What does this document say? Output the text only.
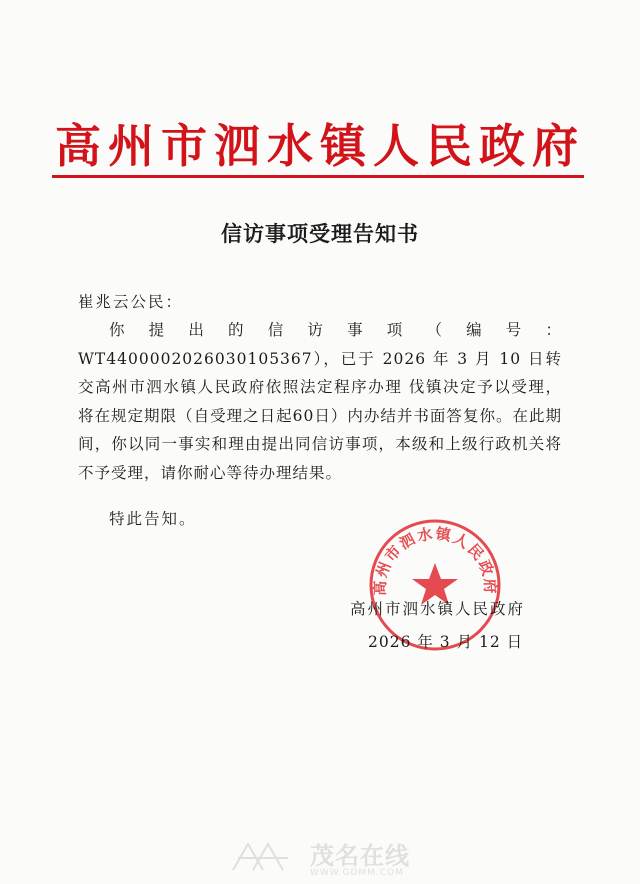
高州市泗水镇人民政府
信访事项受理告知书
崔兆云公民：

你提出的信访事项（编号：WT4400002026030105367），已于 2026 年 3 月 10 日转交高州市泗水镇人民政府依照法定程序办理 伐镇决定予以受理，将在规定期限（自受理之日起60日）内办结并书面答复你。在此期间，你以同一事实和理由提出同信访事项，本级和上级行政机关将不予受理，请你耐心等待办理结果。

特此告知。
高州市泗水镇人民政府
高州市泗水镇人民政府
2026 年 3 月 12 日
茂名在线
WWW.GDMM.COM
